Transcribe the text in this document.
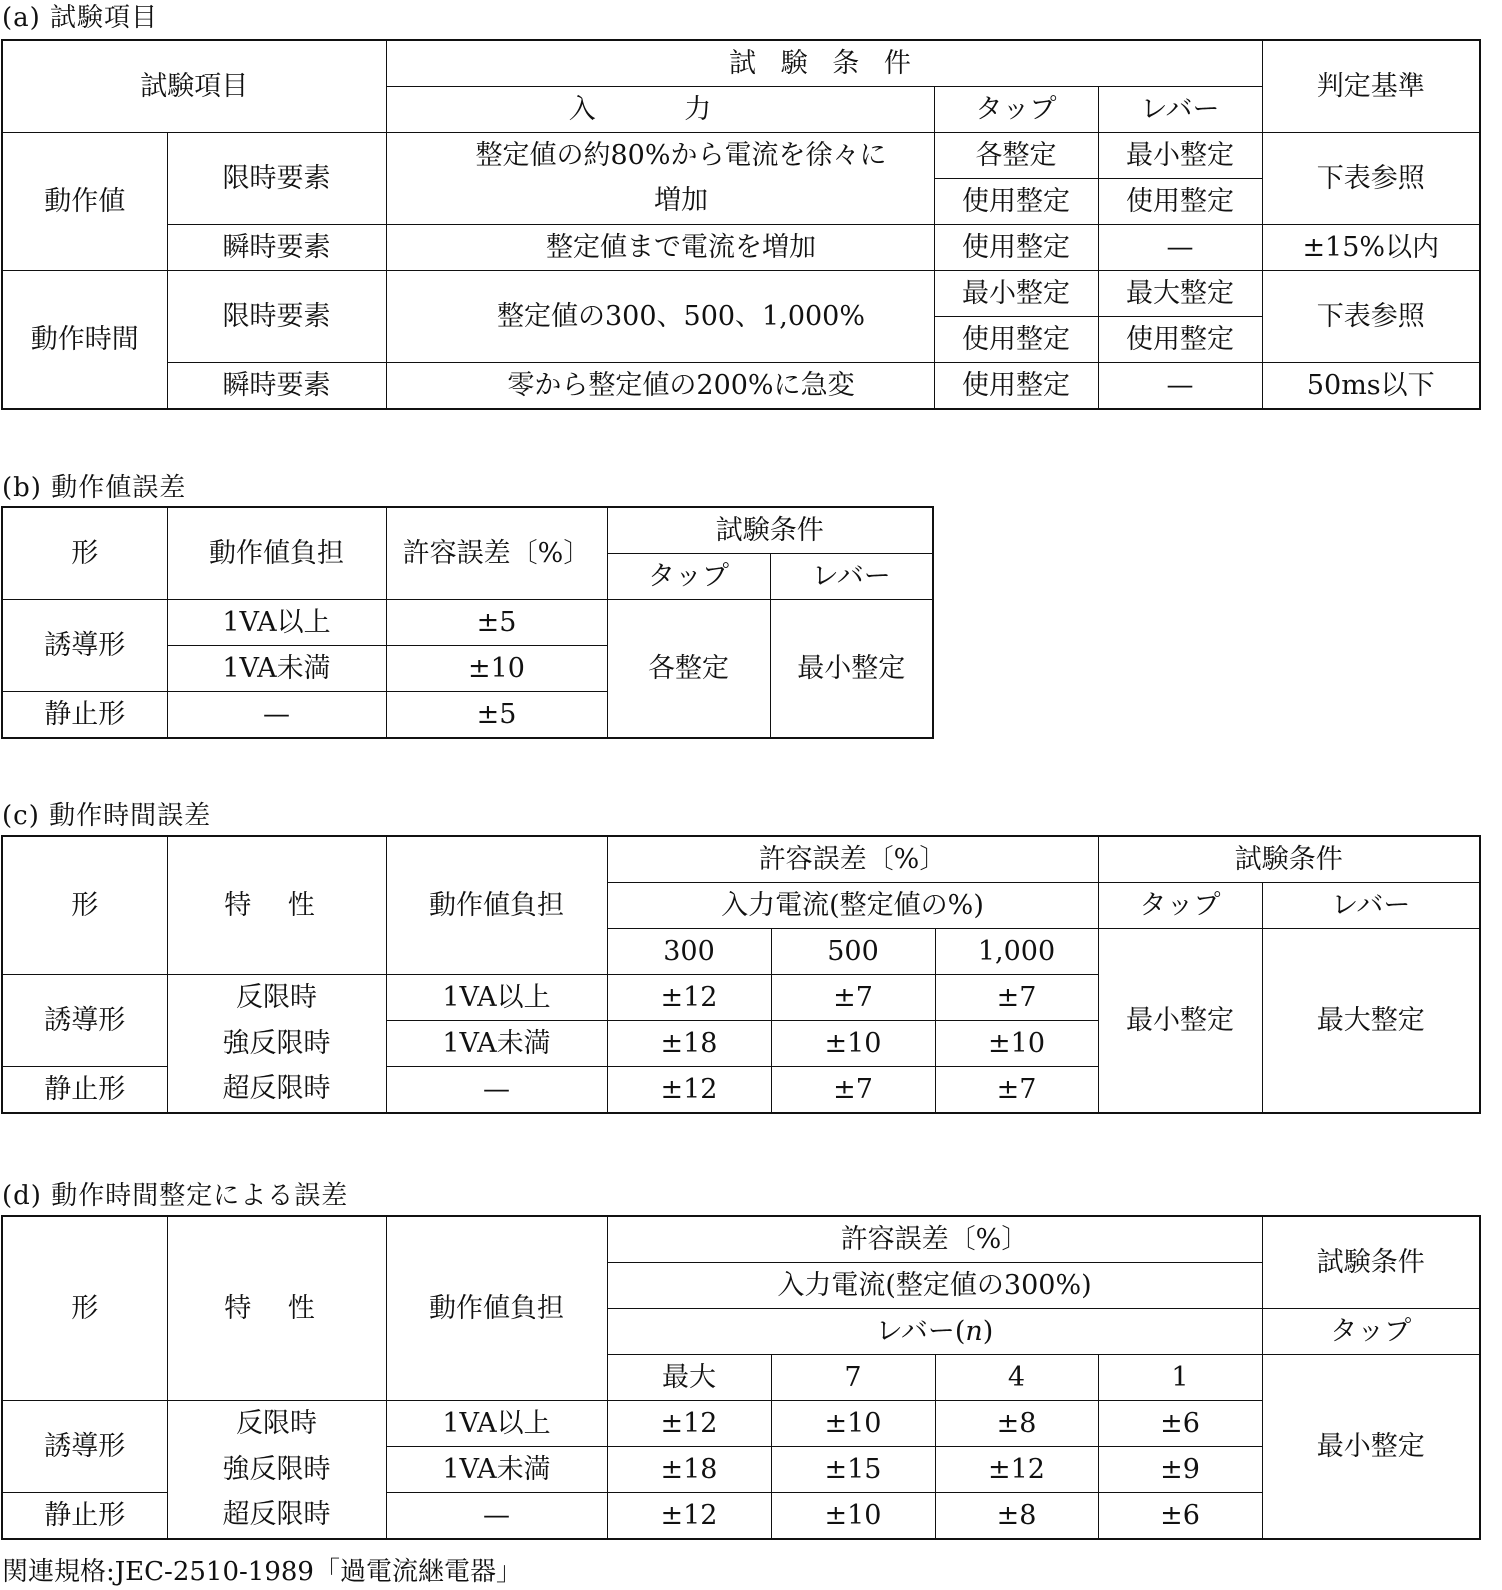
(a) 試験項目
試験項目		試 験 条 件			判定基準
		入 力	タップ	レバー	
動作値	限時要素	整定値の約80%から電流を徐々に	各整定	最小整定	下表参照
		増加	使用整定	使用整定	
	瞬時要素	整定値まで電流を増加	使用整定	—	±15%以内
動作時間	限時要素	整定値の300、500、1,000%	最小整定	最大整定	下表参照
			使用整定	使用整定	
	瞬時要素	零から整定値の200%に急変	使用整定	—	50ms以下
(b) 動作値誤差
形	動作値負担	許容誤差〔%〕	試験条件	
			タップ	レバー
誘導形	1VA以上	±5	各整定	最小整定
	1VA未満	±10		
静止形	—	±5		
(c) 動作時間誤差
形	特 性	動作値負担	許容誤差〔%〕			試験条件	
			入力電流(整定値の%)			タップ	レバー
			300	500	1,000	最小整定	最大整定
誘導形	反限時	1VA以上	±12	±7	±7		
	強反限時	1VA未満	±18	±10	±10		
静止形	超反限時	—	±12	±7	±7		
(d) 動作時間整定による誤差
形	特 性	動作値負担	許容誤差〔%〕				試験条件
			入力電流(整定値の300%)				
			レバー(n)				タップ
			最大	7	4	1	最小整定
誘導形	反限時	1VA以上	±12	±10	±8	±6	
	強反限時	1VA未満	±18	±15	±12	±9	
静止形	超反限時	—	±12	±10	±8	±6	
関連規格:JEC-2510-1989「過電流継電器」
